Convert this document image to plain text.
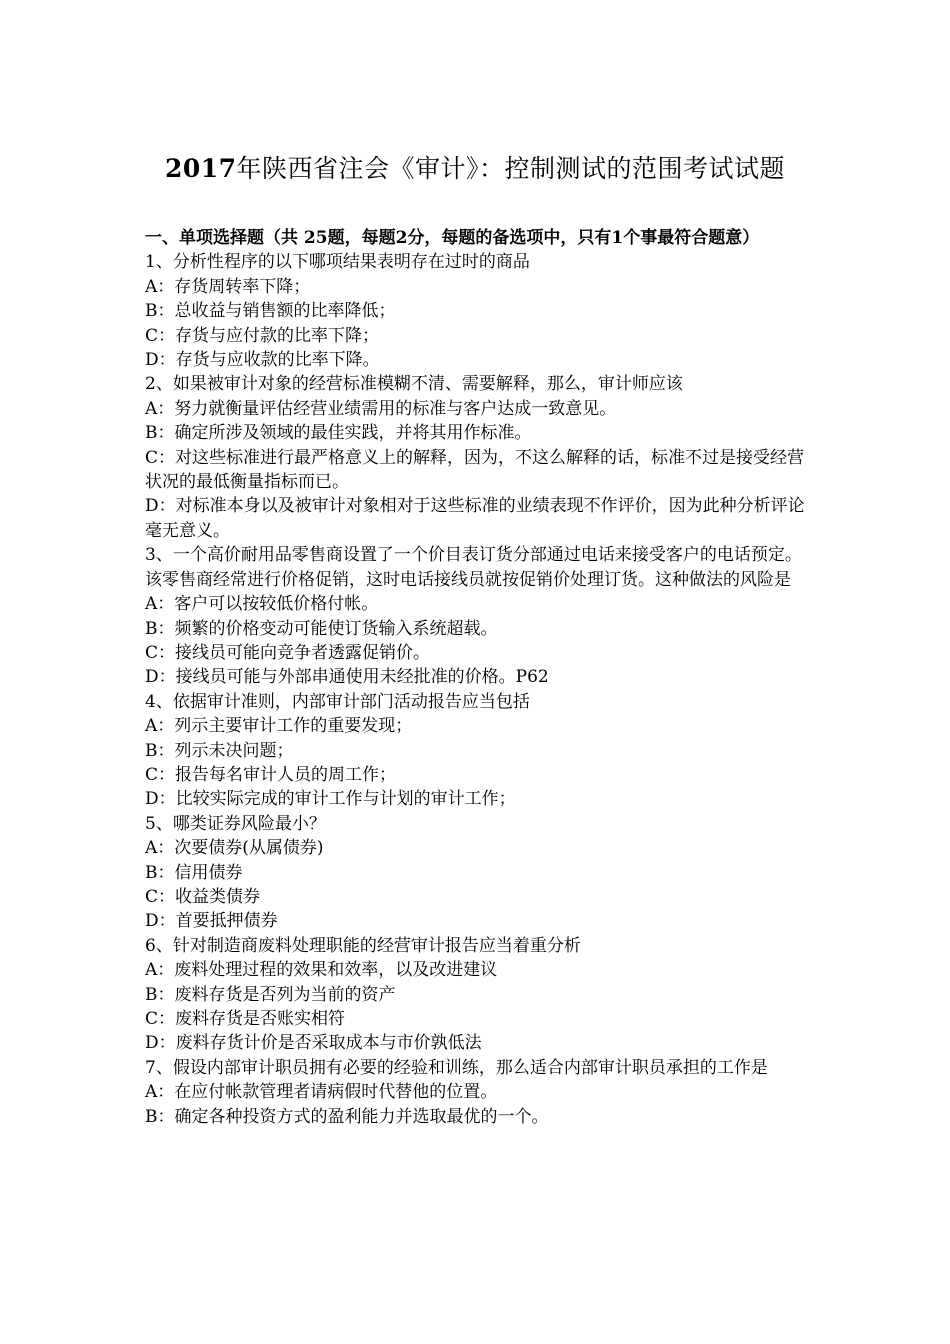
2017年陕西省注会《审计》：控制测试的范围考试试题
一、单项选择题（共 25题，每题2分，每题的备选项中，只有1个事最符合题意）
1、分析性程序的以下哪项结果表明存在过时的商品
A：存货周转率下降；
B：总收益与销售额的比率降低；
C：存货与应付款的比率下降；
D：存货与应收款的比率下降。
2、如果被审计对象的经营标准模糊不清、需要解释，那么，审计师应该
A：努力就衡量评估经营业绩需用的标准与客户达成一致意见。
B：确定所涉及领域的最佳实践，并将其用作标准。
C：对这些标准进行最严格意义上的解释，因为，不这么解释的话，标准不过是接受经营状况的最低衡量指标而已。
D：对标准本身以及被审计对象相对于这些标准的业绩表现不作评价，因为此种分析评论毫无意义。
3、一个高价耐用品零售商设置了一个价目表订货分部通过电话来接受客户的电话预定。该零售商经常进行价格促销，这时电话接线员就按促销价处理订货。这种做法的风险是
A：客户可以按较低价格付帐。
B：频繁的价格变动可能使订货输入系统超载。
C：接线员可能向竞争者透露促销价。
D：接线员可能与外部串通使用未经批准的价格。P62
4、依据审计准则，内部审计部门活动报告应当包括
A：列示主要审计工作的重要发现；
B：列示未决问题；
C：报告每名审计人员的周工作；
D：比较实际完成的审计工作与计划的审计工作；
5、哪类证券风险最小？
A：次要债券(从属债券)
B：信用债券
C：收益类债券
D：首要抵押债券
6、针对制造商废料处理职能的经营审计报告应当着重分析
A：废料处理过程的效果和效率，以及改进建议
B：废料存货是否列为当前的资产
C：废料存货是否账实相符
D：废料存货计价是否采取成本与市价孰低法
7、假设内部审计职员拥有必要的经验和训练，那么适合内部审计职员承担的工作是
A：在应付帐款管理者请病假时代替他的位置。
B：确定各种投资方式的盈利能力并选取最优的一个。
